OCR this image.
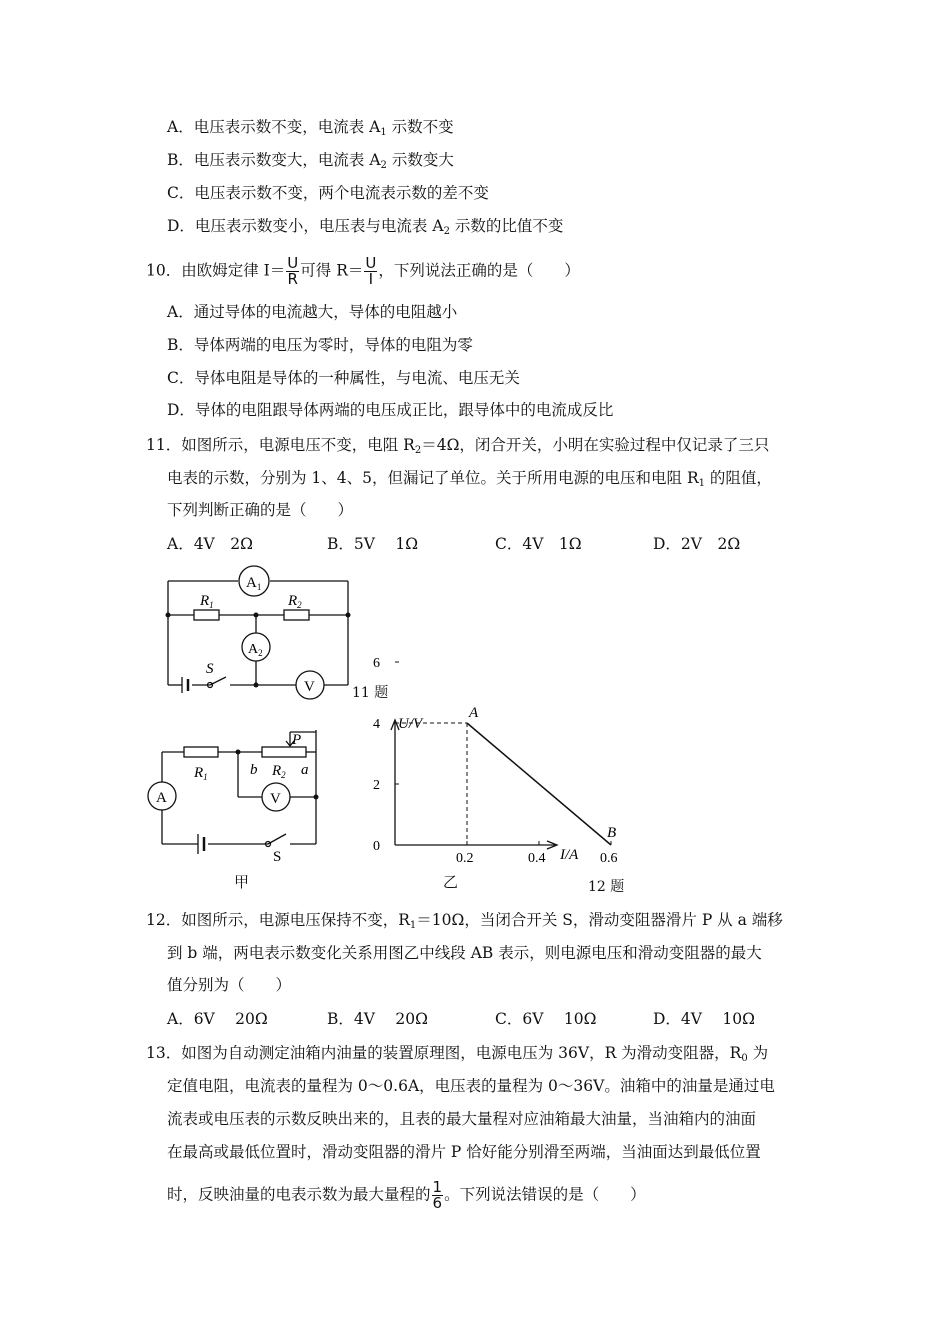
A．电压表示数不变，电流表 $A_1$ 示数不变
B．电压表示数变大，电流表 $A_2$ 示数变大
C．电压表示数不变，两个电流表示数的差不变
D．电压表示数变小，电压表与电流表 $A_2$ 示数的比值不变
10．由欧姆定律 $I= \frac{U}{R}$ 可得 $R= \frac{U}{I}$ ，下列说法正确的是（　　）
A．通过导体的电流越大，导体的电阻越小
B．导体两端的电压为零时，导体的电阻为零
C．导体电阻是导体的一种属性，与电流、电压无关
D．导体的电阻跟导体两端的电压成正比，跟导体中的电流成反比
11．如图所示，电源电压不变，电阻 $R_2=4\Omega$，闭合开关，小明在实验过程中仅记录了三只
电表的示数，分别为 1、4、5，但漏记了单位。关于所用电源的电压和电阻 $R_1$ 的阻值，
下列判断正确的是（　　）
A．4V　2Ω	B．5V　 1Ω	C．4V　1Ω	D．2V　2Ω
$A_1$
$R_1$	$R_2$
$A_2$
S
V	11 题
$R_1$
P
b $R_2$ a
A	V
S
甲
0
2
4
6
0.2	0.4	0.6
A
B
U/V
I/A
乙	12 题
12．如图所示，电源电压保持不变，$R_1=10\Omega$，当闭合开关 S，滑动变阻器滑片 P 从 a 端移
到 b 端，两电表示数变化关系用图乙中线段 AB 表示，则电源电压和滑动变阻器的最大
值分别为（　　）
A．6V　 20Ω	B．4V　 20Ω	C．6V　 10Ω	D．4V　 10Ω
13．如图为自动测定油箱内油量的装置原理图，电源电压为 36V，R 为滑动变阻器，$R_0$ 为
定值电阻，电流表的量程为 0～0.6A，电压表的量程为 0～36V。油箱中的油量是通过电
流表或电压表的示数反映出来的，且表的最大量程对应油箱最大油量，当油箱内的油面
在最高或最低位置时，滑动变阻器的滑片 P 恰好能分别滑至两端，当油面达到最低位置
时，反映油量的电表示数为最大量程的 $\frac{1}{6}$ 。下列说法错误的是（　　）
